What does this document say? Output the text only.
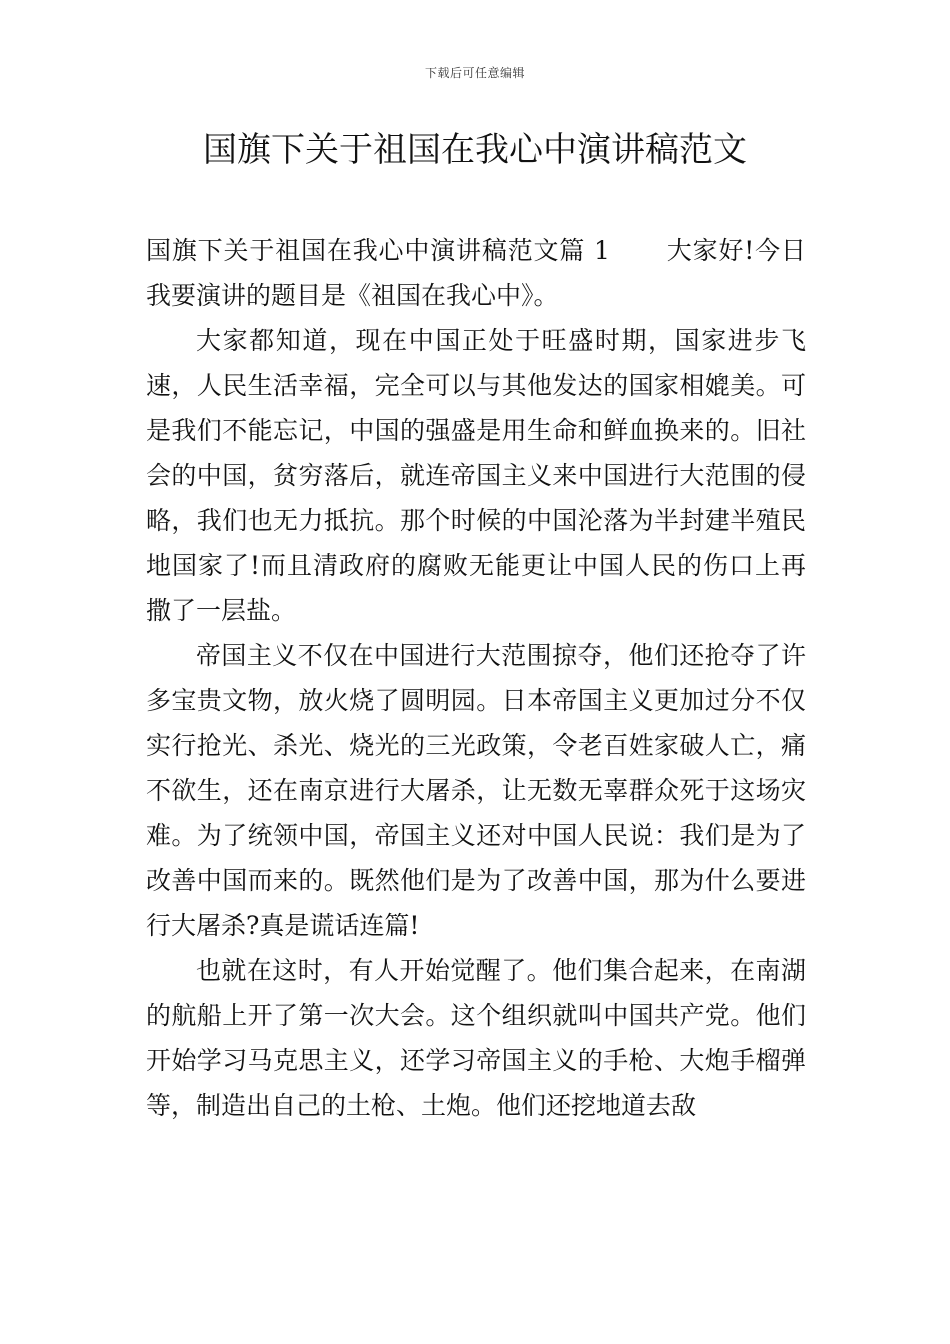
下载后可任意编辑
国旗下关于祖国在我心中演讲稿范文

国旗下关于祖国在我心中演讲稿范文篇 1 大家好!今日我要演讲的题目是《祖国在我心中》。

大家都知道，现在中国正处于旺盛时期，国家进步飞速，人民生活幸福，完全可以与其他发达的国家相媲美。可是我们不能忘记，中国的强盛是用生命和鲜血换来的。旧社会的中国，贫穷落后，就连帝国主义来中国进行大范围的侵略，我们也无力抵抗。那个时候的中国沦落为半封建半殖民地国家了!而且清政府的腐败无能更让中国人民的伤口上再撒了一层盐。

帝国主义不仅在中国进行大范围掠夺，他们还抢夺了许多宝贵文物，放火烧了圆明园。日本帝国主义更加过分不仅实行抢光、杀光、烧光的三光政策，令老百姓家破人亡，痛不欲生，还在南京进行大屠杀，让无数无辜群众死于这场灾难。为了统领中国，帝国主义还对中国人民说：我们是为了改善中国而来的。既然他们是为了改善中国，那为什么要进行大屠杀?真是谎话连篇!

也就在这时，有人开始觉醒了。他们集合起来，在南湖的航船上开了第一次大会。这个组织就叫中国共产党。他们开始学习马克思主义，还学习帝国主义的手枪、大炮手榴弹等，制造出自己的土枪、土炮。他们还挖地道去敌
